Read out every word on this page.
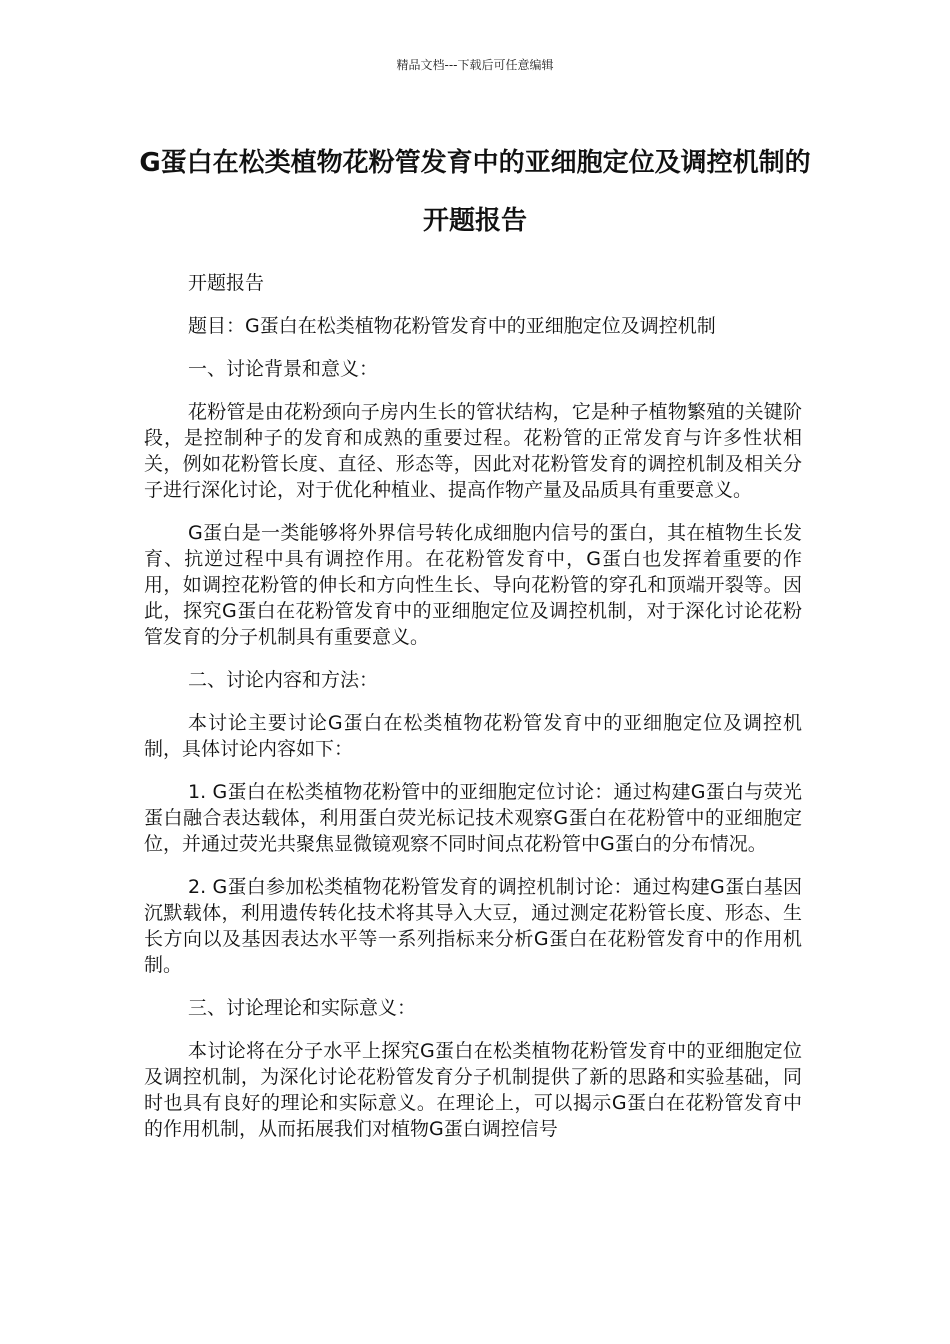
精品文档---下载后可任意编辑
G蛋白在松类植物花粉管发育中的亚细胞定位及调控机制的开题报告

开题报告

题目：G蛋白在松类植物花粉管发育中的亚细胞定位及调控机制

一、讨论背景和意义：

花粉管是由花粉颈向子房内生长的管状结构，它是种子植物繁殖的关键阶段，是控制种子的发育和成熟的重要过程。花粉管的正常发育与许多性状相关，例如花粉管长度、直径、形态等，因此对花粉管发育的调控机制及相关分子进行深化讨论，对于优化种植业、提高作物产量及品质具有重要意义。

G蛋白是一类能够将外界信号转化成细胞内信号的蛋白，其在植物生长发育、抗逆过程中具有调控作用。在花粉管发育中，G蛋白也发挥着重要的作用，如调控花粉管的伸长和方向性生长、导向花粉管的穿孔和顶端开裂等。因此，探究G蛋白在花粉管发育中的亚细胞定位及调控机制，对于深化讨论花粉管发育的分子机制具有重要意义。

二、讨论内容和方法：

本讨论主要讨论G蛋白在松类植物花粉管发育中的亚细胞定位及调控机制，具体讨论内容如下：

1. G蛋白在松类植物花粉管中的亚细胞定位讨论：通过构建G蛋白与荧光蛋白融合表达载体，利用蛋白荧光标记技术观察G蛋白在花粉管中的亚细胞定位，并通过荧光共聚焦显微镜观察不同时间点花粉管中G蛋白的分布情况。

2. G蛋白参加松类植物花粉管发育的调控机制讨论：通过构建G蛋白基因沉默载体，利用遗传转化技术将其导入大豆，通过测定花粉管长度、形态、生长方向以及基因表达水平等一系列指标来分析G蛋白在花粉管发育中的作用机制。

三、讨论理论和实际意义：

本讨论将在分子水平上探究G蛋白在松类植物花粉管发育中的亚细胞定位及调控机制，为深化讨论花粉管发育分子机制提供了新的思路和实验基础，同时也具有良好的理论和实际意义。在理论上，可以揭示G蛋白在花粉管发育中的作用机制，从而拓展我们对植物G蛋白调控信号
